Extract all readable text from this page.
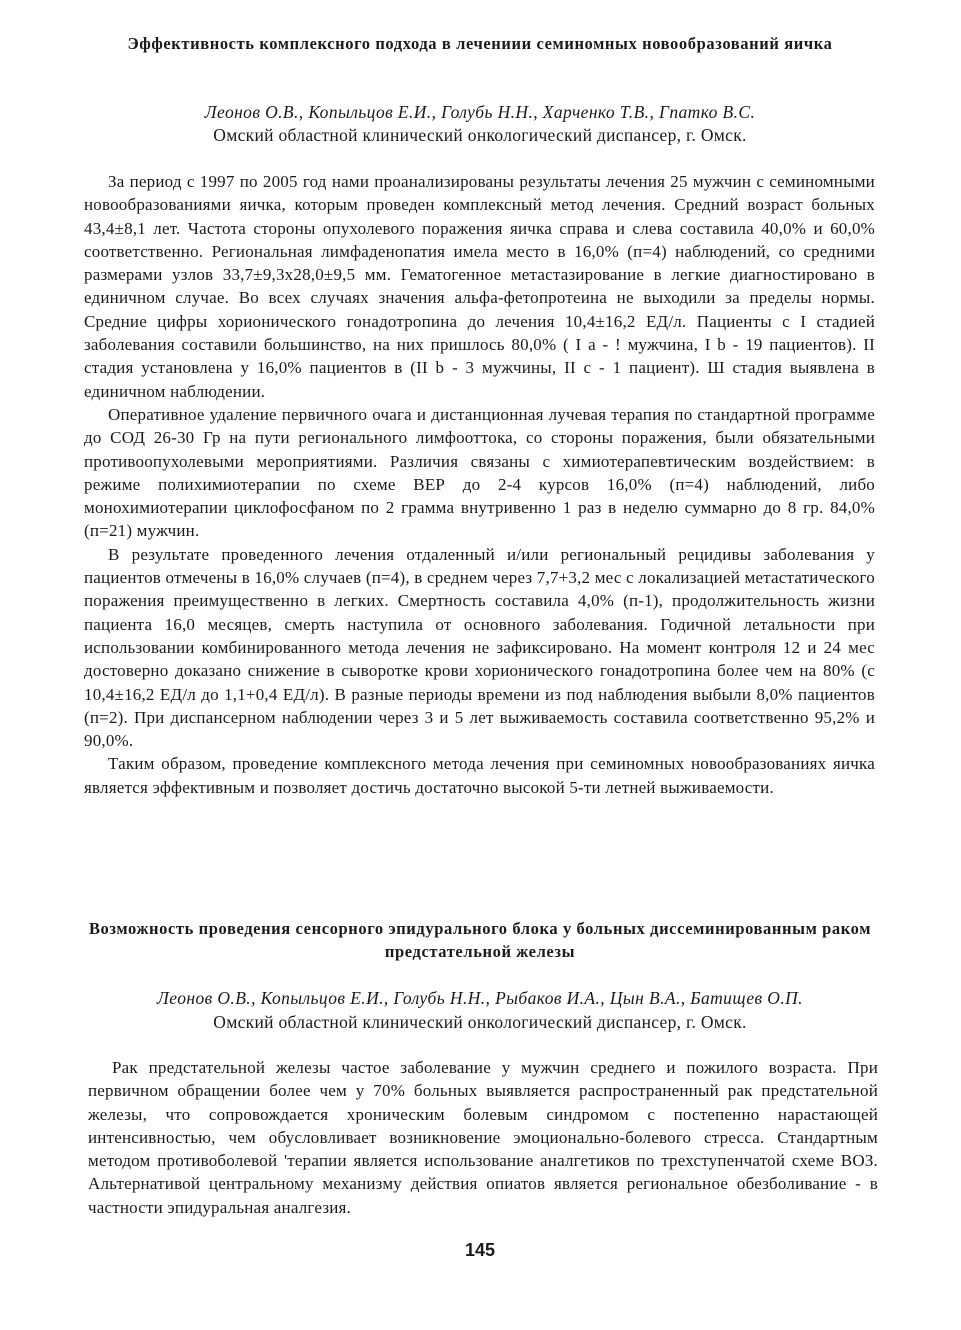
Эффективность комплексного подхода в лечениии семиномных новообразований яичка
Леонов О.В., Копыльцов Е.И., Голубь Н.Н., Харченко Т.В., Гпатко В.С.
Омский областной клинический онкологический диспансер, г. Омск.

За период с 1997 по 2005 год нами проанализированы результаты лечения 25 мужчин с семиномными новообразованиями яичка, которым проведен комплексный метод лечения. Средний возраст больных 43,4±8,1 лет. Частота стороны опухолевого поражения яичка справа и слева составила 40,0% и 60,0% соответственно. Региональная лимфаденопатия имела место в 16,0% (п=4) наблюдений, со средними размерами узлов 33,7±9,3х28,0±9,5 мм. Гематогенное метастазирование в легкие диагностировано в единичном случае. Во всех случаях значения альфа-фетопротеина не выходили за пределы нормы. Средние цифры хорионического гонадотропина до лечения 10,4±16,2 ЕД/л. Пациенты с I стадией заболевания составили большинство, на них пришлось 80,0% ( I а - ! мужчина, I b - 19 пациентов). II стадия установлена у 16,0% пациентов в (II b - 3 мужчины, II с - 1 пациент). Ш стадия выявлена в единичном наблюдении.

Оперативное удаление первичного очага и дистанционная лучевая терапия по стандартной программе до СОД 26-30 Гр на пути регионального лимфооттока, со стороны поражения, были обязательными противоопухолевыми мероприятиями. Различия связаны с химиотерапевтическим воздействием: в режиме полихимиотерапии по схеме ВЕР до 2-4 курсов 16,0% (п=4) наблюдений, либо монохимиотерапии циклофосфаном по 2 грамма внутривенно 1 раз в неделю суммарно до 8 гр. 84,0% (п=21) мужчин.

В результате проведенного лечения отдаленный и/или региональный рецидивы заболевания у пациентов отмечены в 16,0% случаев (п=4), в среднем через 7,7+3,2 мес с локализацией метастатического поражения преимущественно в легких. Смертность составила 4,0% (п-1), продолжительность жизни пациента 16,0 месяцев, смерть наступила от основного заболевания. Годичной летальности при использовании комбинированного метода лечения не зафиксировано. На момент контроля 12 и 24 мес достоверно доказано снижение в сыворотке крови хорионического гонадотропина более чем на 80% (с 10,4±16,2 ЕД/л до 1,1+0,4 ЕД/л). В разные периоды времени из под наблюдения выбыли 8,0% пациентов (п=2). При диспансерном наблюдении через 3 и 5 лет выживаемость составила соответственно 95,2% и 90,0%.

Таким образом, проведение комплексного метода лечения при семиномных новообразованиях яичка является эффективным и позволяет достичь достаточно высокой 5-ти летней выживаемости.

Возможность проведения сенсорного эпидурального блока у больных диссеминированным раком предстательной железы
Леонов О.В., Копыльцов Е.И., Голубь Н.Н., Рыбаков И.А., Цын В.А., Батищев О.П.
Омский областной клинический онкологический диспансер, г. Омск.

Рак предстательной железы частое заболевание у мужчин среднего и пожилого возраста. При первичном обращении более чем у 70% больных выявляется распространенный рак предстательной железы, что сопровождается хроническим болевым синдромом с постепенно нарастающей интенсивностью, чем обусловливает возникновение эмоционально-болевого стресса. Стандартным методом противоболевой 'терапии является использование аналгетиков по трехступенчатой схеме ВОЗ. Альтернативой центральному механизму действия опиатов является региональное обезболивание - в частности эпидуральная аналгезия.

145
